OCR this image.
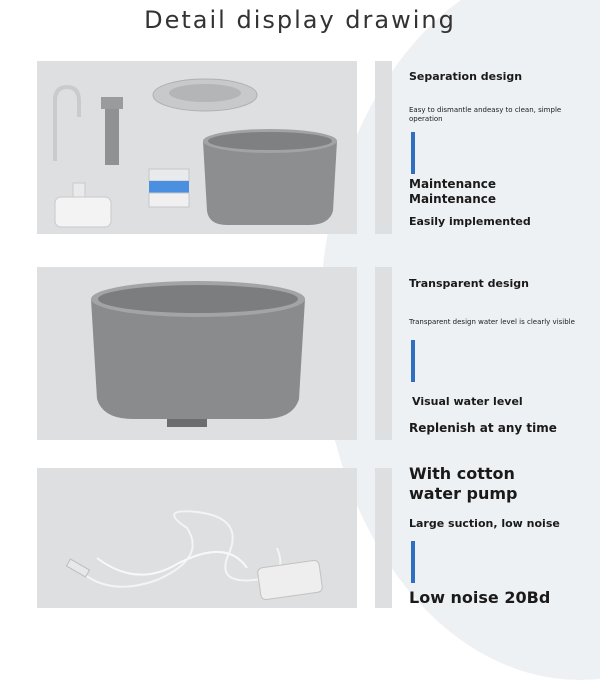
Detail display drawing
Separation design
Easy to dismantle andeasy to clean, simple operation
Maintenance
Maintenance
Easily implemented
Transparent design
Transparent design water level is clearly visible
Visual water level
Replenish at any time
With cotton
water pump
Large suction, low noise
Low noise 20Bd
